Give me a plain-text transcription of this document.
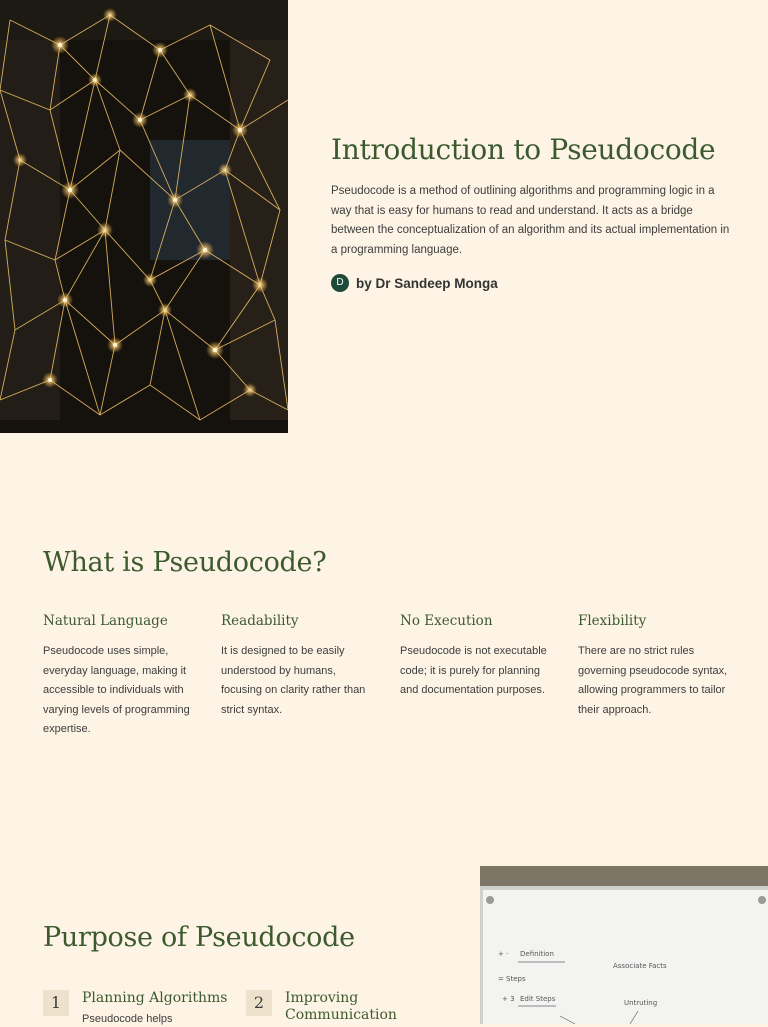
Introduction to Pseudocode
Pseudocode is a method of outlining algorithms and programming logic in a way that is easy for humans to read and understand. It acts as a bridge between the conceptualization of an algorithm and its actual implementation in a programming language.
D by Dr Sandeep Monga
What is Pseudocode?
Natural Language
Pseudocode uses simple, everyday language, making it accessible to individuals with varying levels of programming expertise.
Readability
It is designed to be easily understood by humans, focusing on clarity rather than strict syntax.
No Execution
Pseudocode is not executable code; it is purely for planning and documentation purposes.
Flexibility
There are no strict rules governing pseudocode syntax, allowing programmers to tailor their approach.
Purpose of Pseudocode
1	Planning Algorithms
Pseudocode helps
2	Improving Communication
+ · Definition
= Steps
+ 3 Edit Steps
Associate Facts
Untruting
